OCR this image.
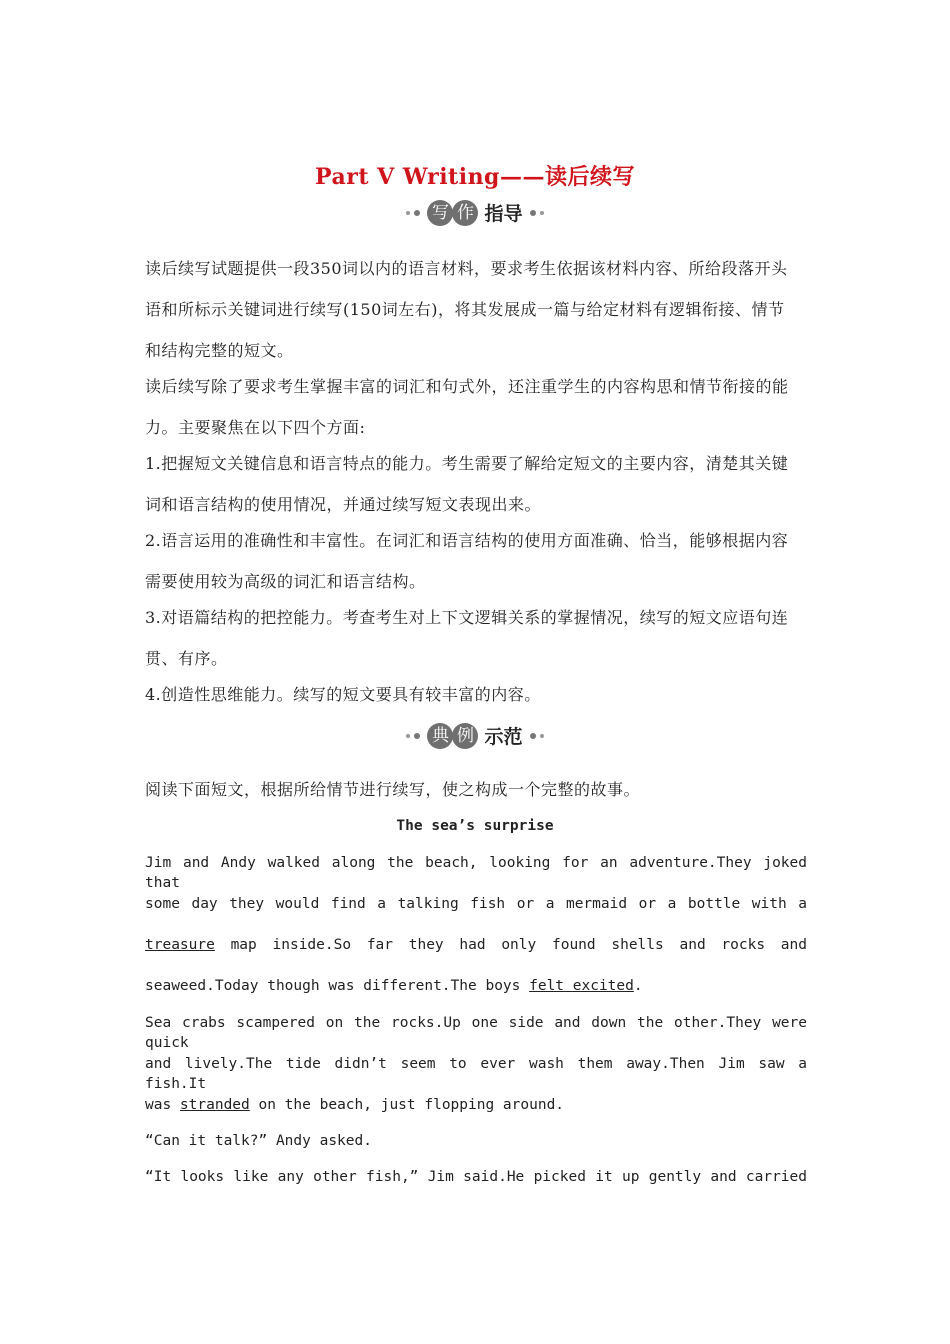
Part Ⅴ Writing——读后续写
写 作 指导
读后续写试题提供一段350词以内的语言材料，要求考生依据该材料内容、所给段落开头
语和所标示关键词进行续写(150词左右)，将其发展成一篇与给定材料有逻辑衔接、情节
和结构完整的短文。
读后续写除了要求考生掌握丰富的词汇和句式外，还注重学生的内容构思和情节衔接的能
力。主要聚焦在以下四个方面:
1.把握短文关键信息和语言特点的能力。考生需要了解给定短文的主要内容，清楚其关键
词和语言结构的使用情况，并通过续写短文表现出来。
2.语言运用的准确性和丰富性。在词汇和语言结构的使用方面准确、恰当，能够根据内容
需要使用较为高级的词汇和语言结构。
3.对语篇结构的把控能力。考查考生对上下文逻辑关系的掌握情况，续写的短文应语句连
贯、有序。
4.创造性思维能力。续写的短文要具有较丰富的内容。
典 例 示范
阅读下面短文，根据所给情节进行续写，使之构成一个完整的故事。
The sea’s surprise
Jim and Andy walked along the beach, looking for an adventure.They joked that
some day they would find a talking fish or a mermaid or a bottle with a
treasure map inside.So far they had only found shells and rocks and
seaweed.Today though was different.The boys felt excited.
Sea crabs scampered on the rocks.Up one side and down the other.They were quick
and lively.The tide didn’t seem to ever wash them away.Then Jim saw a fish.It
was stranded on the beach, just flopping around.
“Can it talk?” Andy asked.
“It looks like any other fish,” Jim said.He picked it up gently and carried
